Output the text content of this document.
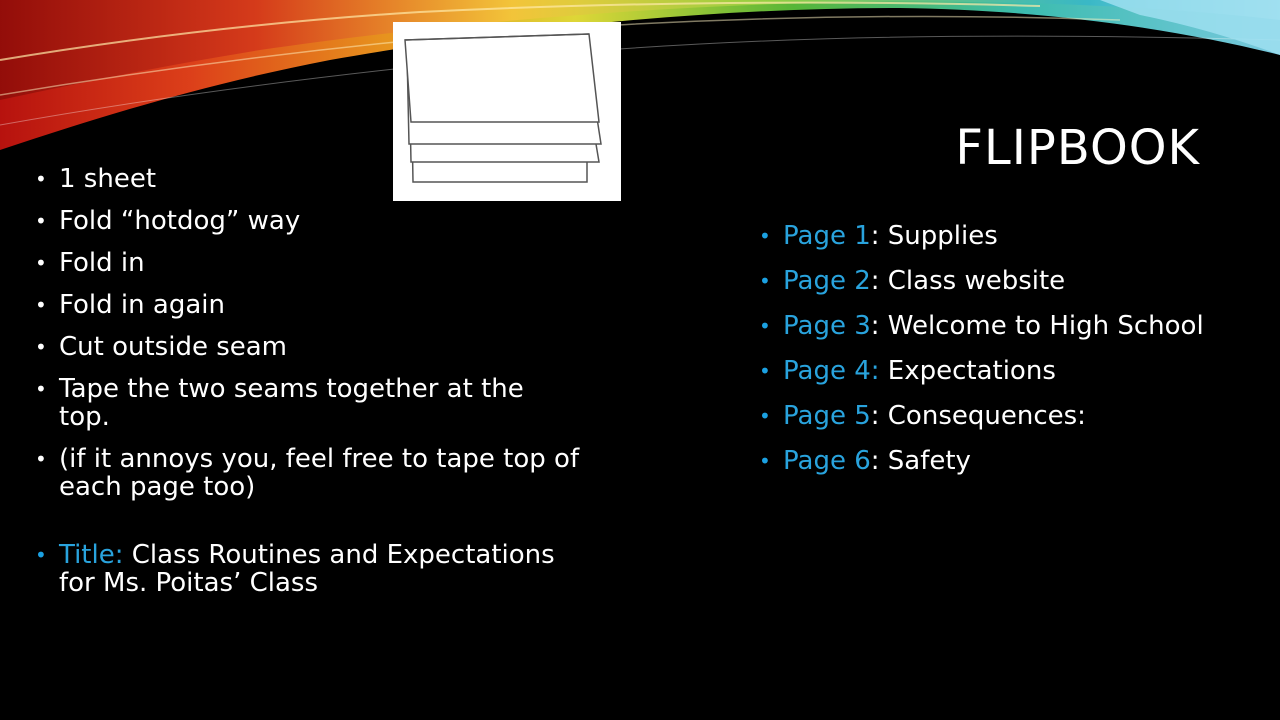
FLIPBOOK
• 1 sheet
• Fold “hotdog” way
• Fold in
• Fold in again
• Cut outside seam
• Tape the two seams together at the top.
• (if it annoys you, feel free to tape top of each page too)
• Title: Class Routines and Expectations for Ms. Poitas’ Class
• Page 1: Supplies
• Page 2: Class website
• Page 3: Welcome to High School
• Page 4: Expectations
• Page 5: Consequences:
• Page 6: Safety
